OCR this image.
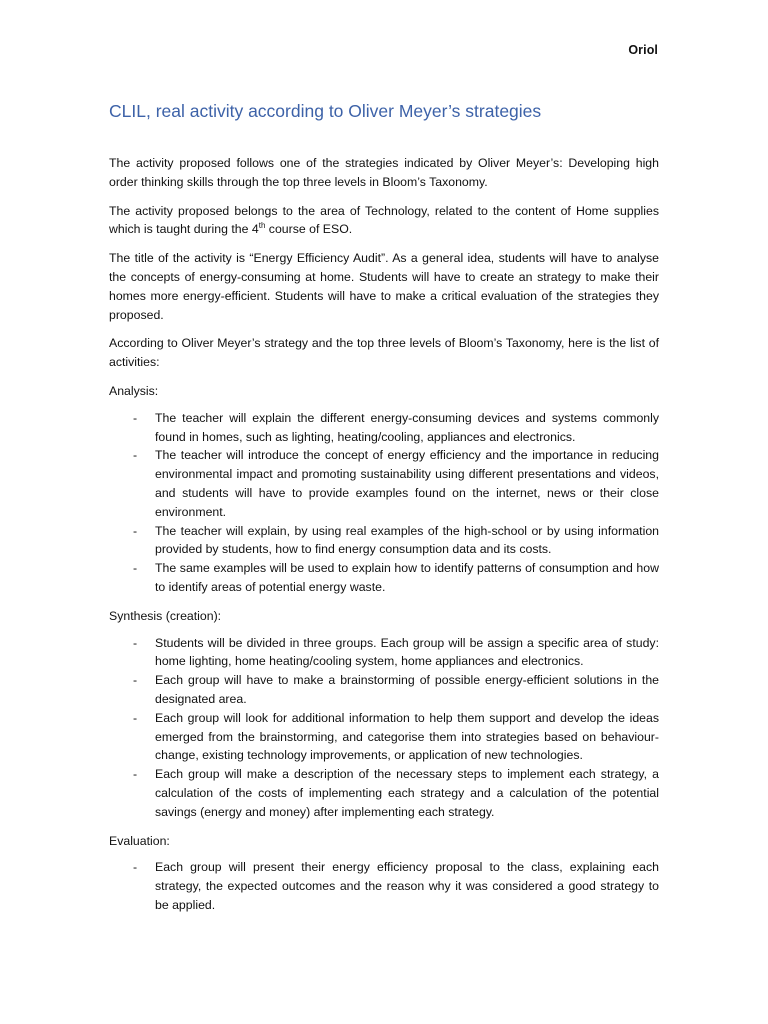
Oriol
CLIL, real activity according to Oliver Meyer’s strategies

The activity proposed follows one of the strategies indicated by Oliver Meyer’s: Developing high order thinking skills through the top three levels in Bloom’s Taxonomy.

The activity proposed belongs to the area of Technology, related to the content of Home supplies which is taught during the 4th course of ESO.

The title of the activity is “Energy Efficiency Audit”. As a general idea, students will have to analyse the concepts of energy-consuming at home. Students will have to create an strategy to make their homes more energy-efficient. Students will have to make a critical evaluation of the strategies they proposed.

According to Oliver Meyer’s strategy and the top three levels of Bloom’s Taxonomy, here is the list of activities:

Analysis:

- The teacher will explain the different energy-consuming devices and systems commonly found in homes, such as lighting, heating/cooling, appliances and electronics.
- The teacher will introduce the concept of energy efficiency and the importance in reducing environmental impact and promoting sustainability using different presentations and videos, and students will have to provide examples found on the internet, news or their close environment.
- The teacher will explain, by using real examples of the high-school or by using information provided by students, how to find energy consumption data and its costs.
- The same examples will be used to explain how to identify patterns of consumption and how to identify areas of potential energy waste.

Synthesis (creation):

- Students will be divided in three groups. Each group will be assign a specific area of study: home lighting, home heating/cooling system, home appliances and electronics.
- Each group will have to make a brainstorming of possible energy-efficient solutions in the designated area.
- Each group will look for additional information to help them support and develop the ideas emerged from the brainstorming, and categorise them into strategies based on behaviour-change, existing technology improvements, or application of new technologies.
- Each group will make a description of the necessary steps to implement each strategy, a calculation of the costs of implementing each strategy and a calculation of the potential savings (energy and money) after implementing each strategy.

Evaluation:

- Each group will present their energy efficiency proposal to the class, explaining each strategy, the expected outcomes and the reason why it was considered a good strategy to be applied.
